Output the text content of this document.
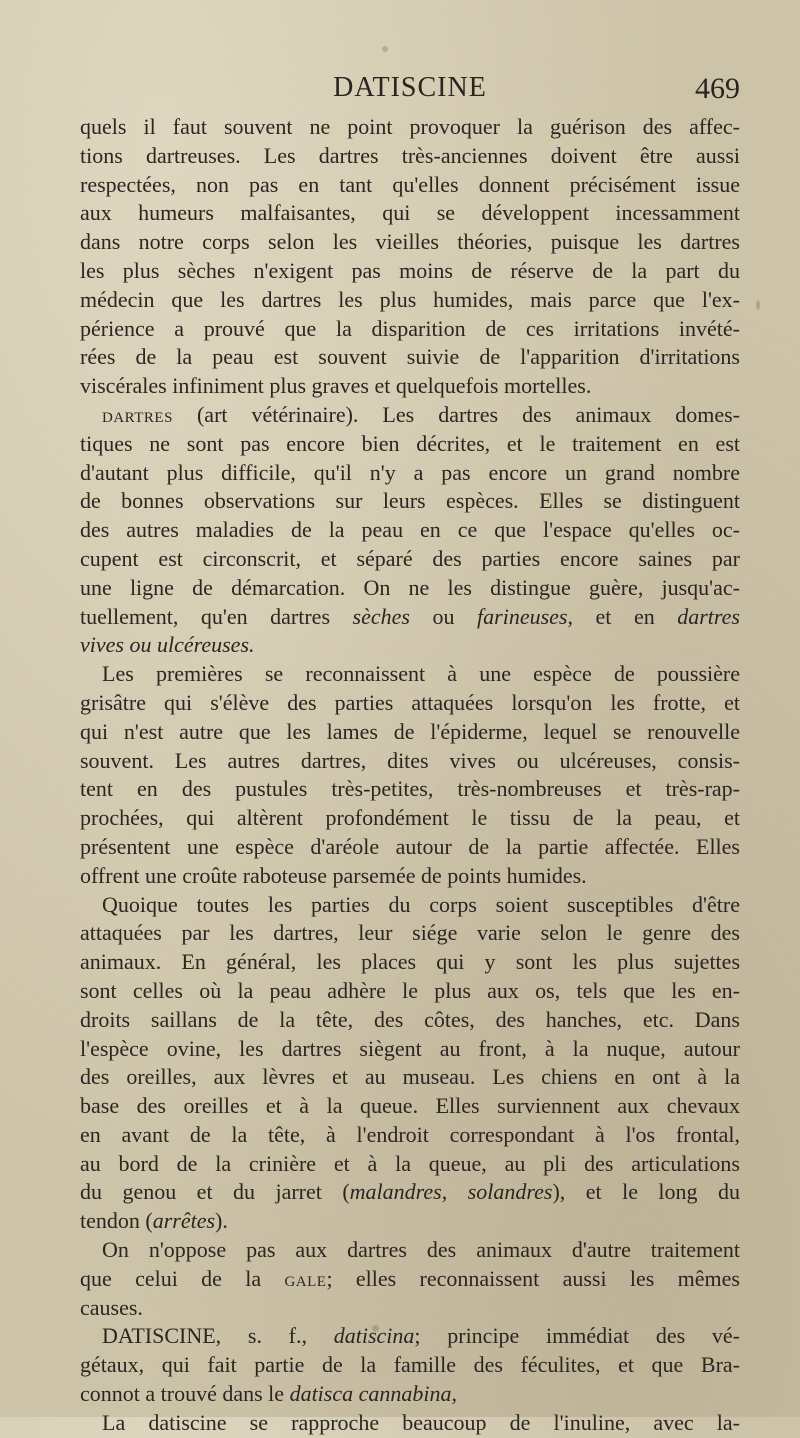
DATISCINE	469
quels il faut souvent ne point provoquer la guérison des affec-
tions dartreuses. Les dartres très-anciennes doivent être aussi
respectées, non pas en tant qu'elles donnent précisément issue
aux humeurs malfaisantes, qui se développent incessamment
dans notre corps selon les vieilles théories, puisque les dartres
les plus sèches n'exigent pas moins de réserve de la part du
médecin que les dartres les plus humides, mais parce que l'ex-
périence a prouvé que la disparition de ces irritations invété-
rées de la peau est souvent suivie de l'apparition d'irritations
viscérales infiniment plus graves et quelquefois mortelles.
dartres (art vétérinaire). Les dartres des animaux domes-
tiques ne sont pas encore bien décrites, et le traitement en est
d'autant plus difficile, qu'il n'y a pas encore un grand nombre
de bonnes observations sur leurs espèces. Elles se distinguent
des autres maladies de la peau en ce que l'espace qu'elles oc-
cupent est circonscrit, et séparé des parties encore saines par
une ligne de démarcation. On ne les distingue guère, jusqu'ac-
tuellement, qu'en dartres sèches ou farineuses, et en dartres
vives ou ulcéreuses.
Les premières se reconnaissent à une espèce de poussière
grisâtre qui s'élève des parties attaquées lorsqu'on les frotte, et
qui n'est autre que les lames de l'épiderme, lequel se renouvelle
souvent. Les autres dartres, dites vives ou ulcéreuses, consis-
tent en des pustules très-petites, très-nombreuses et très-rap-
prochées, qui altèrent profondément le tissu de la peau, et
présentent une espèce d'aréole autour de la partie affectée. Elles
offrent une croûte raboteuse parsemée de points humides.
Quoique toutes les parties du corps soient susceptibles d'être
attaquées par les dartres, leur siége varie selon le genre des
animaux. En général, les places qui y sont les plus sujettes
sont celles où la peau adhère le plus aux os, tels que les en-
droits saillans de la tête, des côtes, des hanches, etc. Dans
l'espèce ovine, les dartres siègent au front, à la nuque, autour
des oreilles, aux lèvres et au museau. Les chiens en ont à la
base des oreilles et à la queue. Elles surviennent aux chevaux
en avant de la tête, à l'endroit correspondant à l'os frontal,
au bord de la crinière et à la queue, au pli des articulations
du genou et du jarret (malandres, solandres), et le long du
tendon (arrêtes).
On n'oppose pas aux dartres des animaux d'autre traitement
que celui de la gale; elles reconnaissent aussi les mêmes
causes.
DATISCINE, s. f., datiscina; principe immédiat des vé-
gétaux, qui fait partie de la famille des féculites, et que Bra-
connot a trouvé dans le datisca cannabina,
La datiscine se rapproche beaucoup de l'inuline, avec la-
